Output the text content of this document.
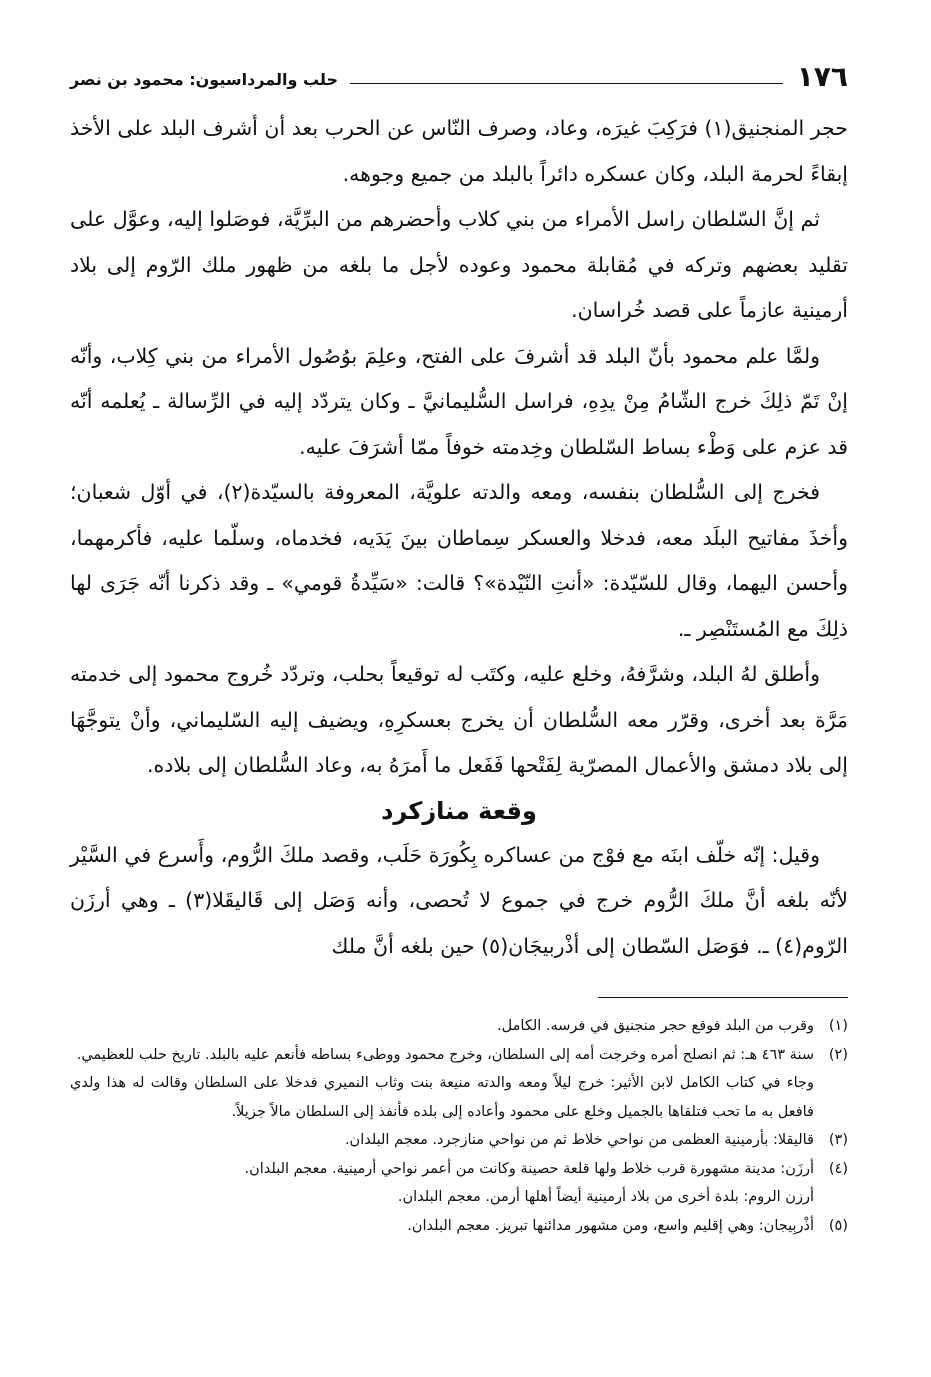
١٧٦
حلب والمرداسيون: محمود بن نصر

حجر المنجنيق(١) فرَكِبَ غيرَه، وعاد، وصرف النّاس عن الحرب بعد أن أشرف البلد على الأخذ إبقاءً لحرمة البلد، وكان عسكره دائراً بالبلد من جميع وجوهه.

ثم إنَّ السّلطان راسل الأمراء من بني كلاب وأحضرهم من البرِّيَّة، فوصَلوا إليه، وعوَّل على تقليد بعضهم وتركه في مُقابلة محمود وعوده لأجل ما بلغه من ظهور ملك الرّوم إلى بلاد أرمينية عازماً على قصد خُراسان.

ولمَّا علم محمود بأنّ البلد قد أشرفَ على الفتح، وعلِمَ بوُصُول الأمراء من بني كِلاب، وأنّه إنْ تَمّ ذلِكَ خرج الشّامُ مِنْ يدِهِ، فراسل السُّليمانيَّ ـ وكان يتردّد إليه في الرِّسالة ـ يُعلمه أنّه قد عزم على وَطْء بساط السّلطان وخِدمته خوفاً ممّا أشرَفَ عليه.

فخرج إلى السُّلطان بنفسه، ومعه والدته علويَّة، المعروفة بالسيّدة(٢)، في أوّل شعبان؛ وأخذَ مفاتيح البلَد معه، فدخلا والعسكر سِماطان بينَ يَدَيه، فخدماه، وسلّما عليه، فأكرمهما، وأحسن اليهما، وقال للسّيّدة: «أنتِ النّيْدة»؟ قالت: «سَيِّدةُ قومي» ـ وقد ذكرنا أنّه جَرَى لها ذلِكَ مع المُستَنْصِر ـ.

وأطلق لهُ البلد، وشرَّفهُ، وخلع عليه، وكتَب له توقيعاً بحلب، وتردّد خُروج محمود إلى خدمته مَرَّة بعد أخرى، وقرّر معه السُّلطان أن يخرج بعسكرِهِ، ويضيف إليه السّليماني، وأنْ يتوجَّهَا إلى بلاد دمشق والأعمال المصرّية لِفَتْحها فَفَعل ما أَمرَهُ به، وعاد السُّلطان إلى بلاده.

وقعة منازكرد

وقيل: إنّه خلّف ابنَه مع فوْج من عساكره بِكُورَة حَلَب، وقصد ملكَ الرُّوم، وأَسرع في السَّيْر لأنّه بلغه أنَّ ملكَ الرُّوم خرج في جموع لا تُحصى، وأنه وَصَل إلى قَاليقَلا(٣) ـ وهي أرزَن الرّوم(٤) ـ. فوَصَل السّطان إلى أذْربيجَان(٥) حين بلغه أنَّ ملك

(١)وقرب من البلد فوقع حجر منجنيق في فرسه. الكامل.

(٢)سنة ٤٦٣ هـ: ثم انصلح أمره وخرجت أمه إلى السلطان، وخرج محمود ووطىء بساطه فأنعم عليه بالبلد. تاريخ حلب للعظيمي.

وجاء في كتاب الكامل لابن الأثير: خرج ليلاً ومعه والدته منيعة بنت وثاب النميري فدخلا على السلطان وقالت له هذا ولدي فافعل به ما تحب فتلقاها بالجميل وخلع على محمود وأعاده إلى بلده فأنفذ إلى السلطان مالاً جزيلاً.

(٣)قاليقلا: بأرمينية العظمى من نواحي خلاط ثم من نواحي منازجرد. معجم البلدان.

(٤)أرزَن: مدينة مشهورة قرب خلاط ولها قلعة حصينة وكانت من أعمر نواحي أرمينية. معجم البلدان.

أرزن الروم: بلدة أخرى من بلاد أرمينية أيضاً أهلها أرمن. معجم البلدان.

(٥)أذْربِيجان: وهي إقليم واسع، ومن مشهور مدائنها تبريز. معجم البلدان.
